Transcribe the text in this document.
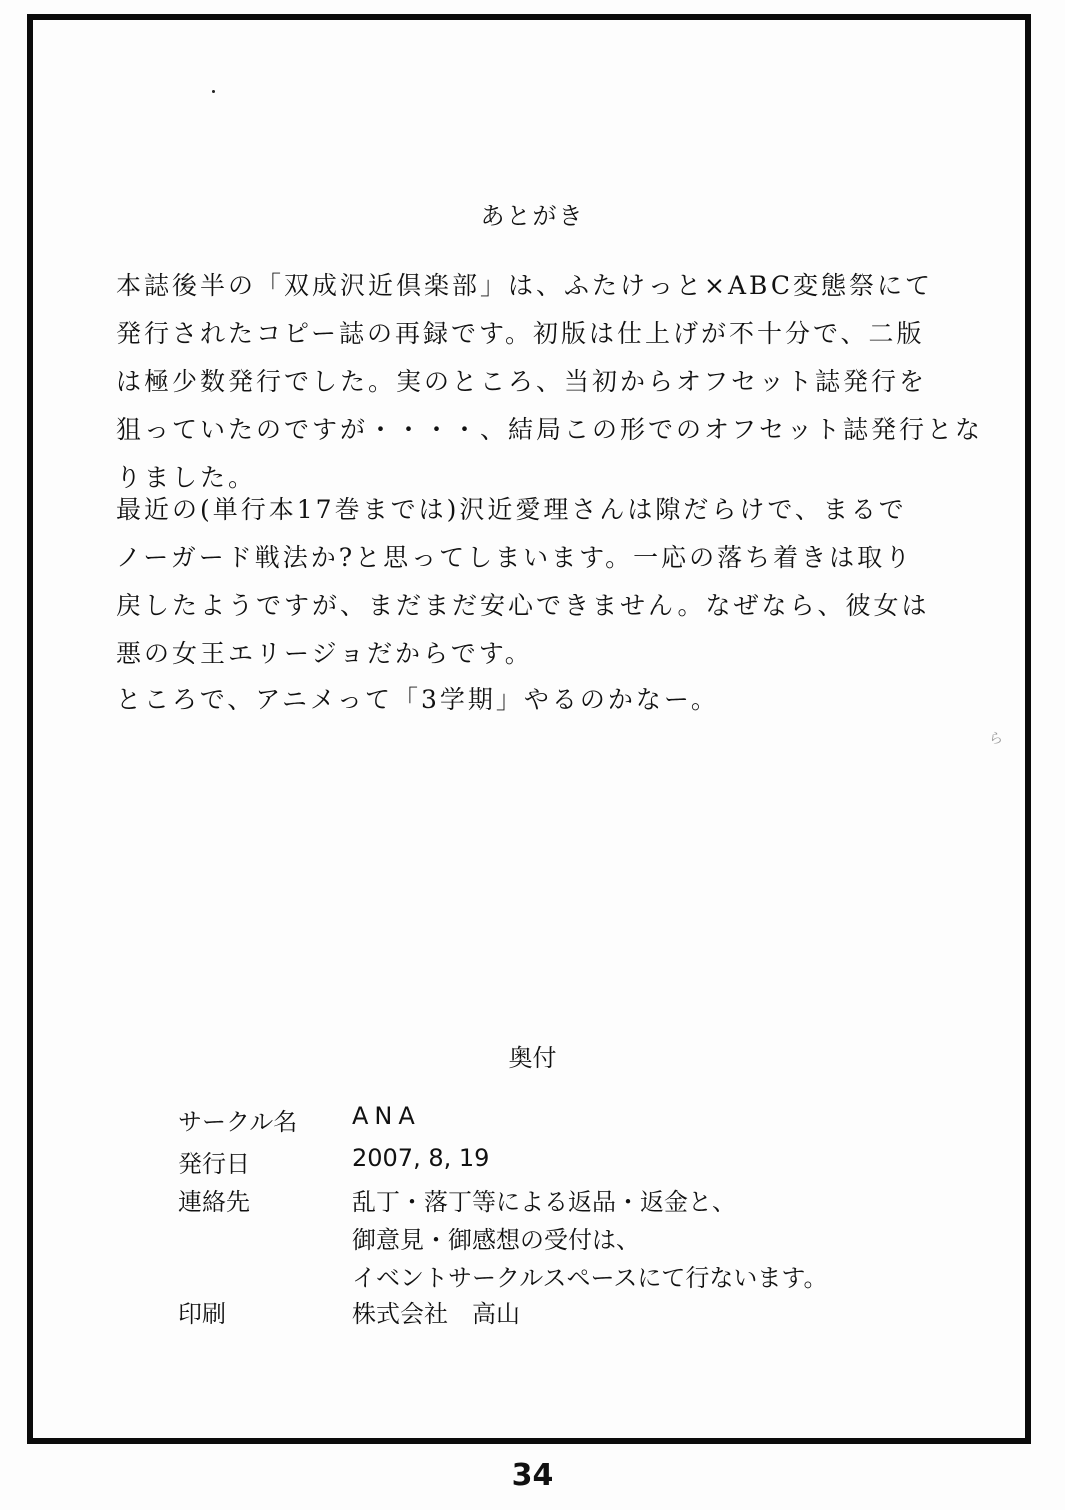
あとがき
本誌後半の「双成沢近倶楽部」は、ふたけっと×ABC変態祭にて
発行されたコピー誌の再録です。初版は仕上げが不十分で、二版
は極少数発行でした。実のところ、当初からオフセット誌発行を
狙っていたのですが・・・・、結局この形でのオフセット誌発行とな
りました。
最近の(単行本17巻までは)沢近愛理さんは隙だらけで、まるで
ノーガード戦法か?と思ってしまいます。一応の落ち着きは取り
戻したようですが、まだまだ安心できません。なぜなら、彼女は
悪の女王エリージョだからです。
ところで、アニメって「3学期」やるのかなー。
ら
奥付
サークル名 ANA
発行日	2007, 8, 19
連絡先	乱丁・落丁等による返品・返金と、
御意見・御感想の受付は、
イベントサークルスペースにて行ないます。
印刷	株式会社　高山
34
